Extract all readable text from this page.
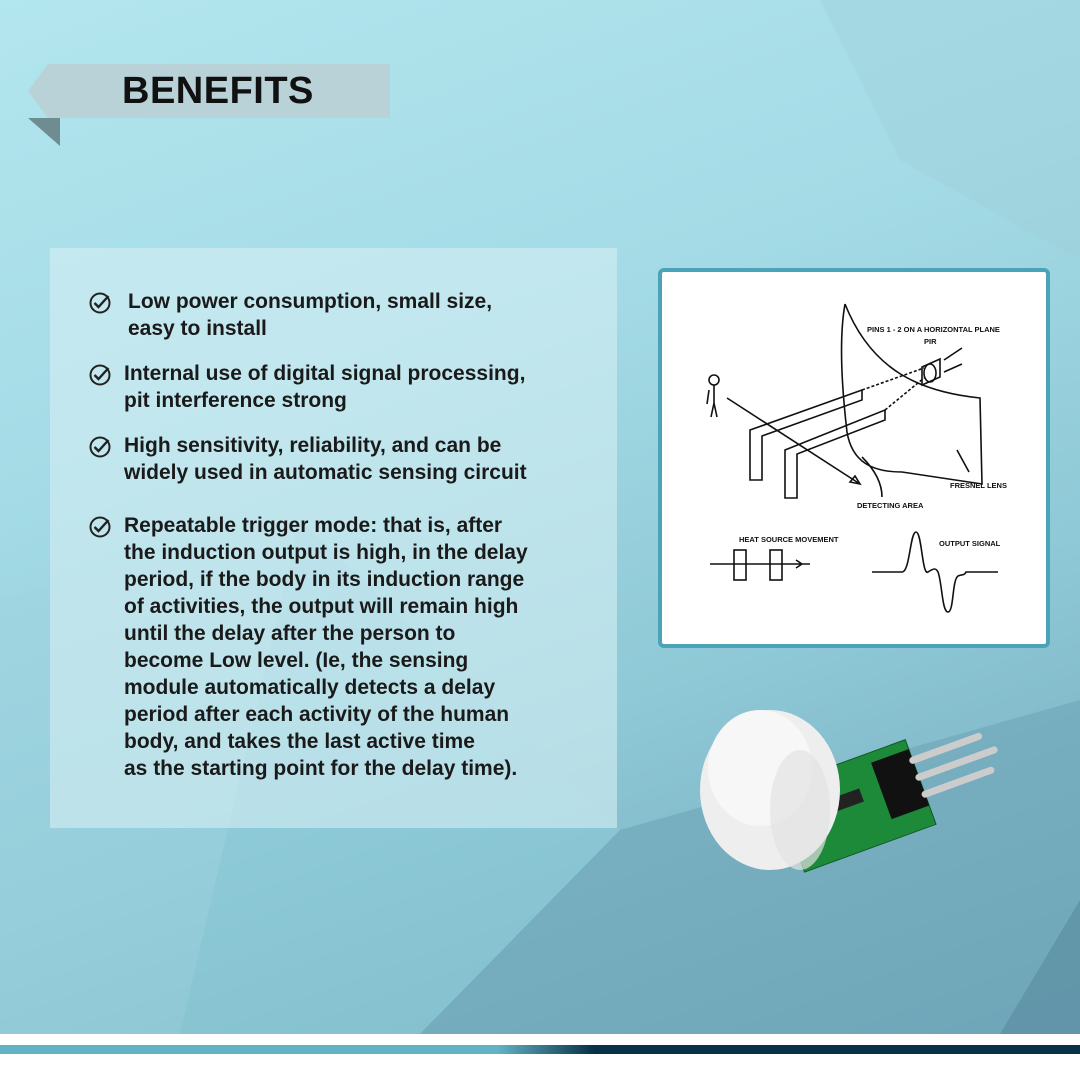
BENEFITS
Low power consumption, small size,
easy to install
Internal use of digital signal processing,
pit interference strong
High sensitivity, reliability, and can be
widely used in automatic sensing circuit
Repeatable trigger mode: that is, after
the induction output is high, in the delay
period, if the body in its induction range
of activities, the output will remain high
until the delay after the person to
become Low level. (Ie, the sensing
module automatically detects a delay
period after each activity of the human
body, and takes the last active time
as the starting point for the delay time).
PINS 1 - 2 ON A HORIZONTAL PLANE
PIR
FRESNEL LENS
DETECTING AREA
HEAT SOURCE MOVEMENT	OUTPUT SIGNAL
